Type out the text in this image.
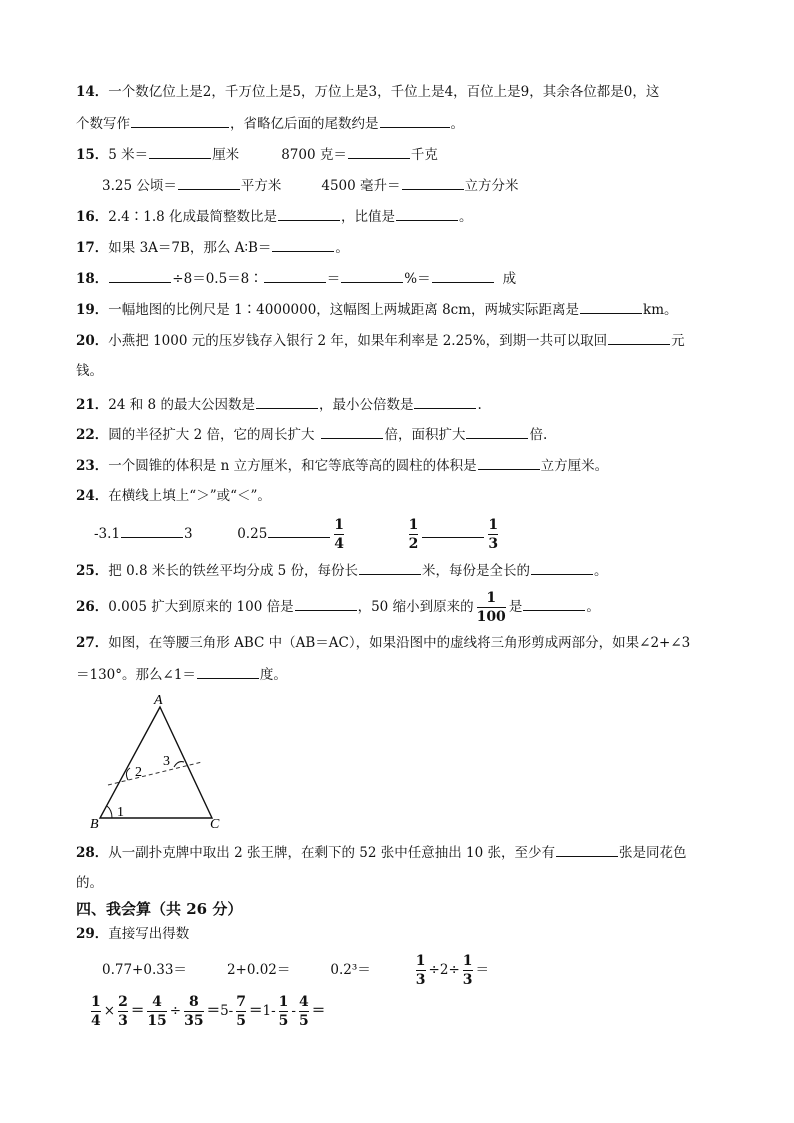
14．一个数亿位上是2，千万位上是5，万位上是3，千位上是4，百位上是9，其余各位都是0，这
个数写作	，省略亿后面的尾数约是	。
15．5 米＝	厘米	8700 克＝	千克
3.25 公顷＝	平方米	4500 毫升＝	立方分米
16．2.4∶1.8 化成最简整数比是	，比值是	。
17．如果 3A＝7B，那么 A∶B＝	。
18．	÷8＝0.5＝8∶	＝	%＝	成
19．一幅地图的比例尺是 1∶4000000，这幅图上两城距离 8cm，两城实际距离是	km。
20．小燕把 1000 元的压岁钱存入银行 2 年，如果年利率是 2.25%，到期一共可以取回	元
钱。
21．24 和 8 的最大公因数是	，最小公倍数是	.
22．圆的半径扩大 2 倍，它的周长扩大	倍，面积扩大	倍.
23．一个圆锥的体积是 n 立方厘米，和它等底等高的圆柱的体积是	立方厘米。
24．在横线上填上“＞”或“＜”。
-3.1	3	0.25	$\frac{1}{4}$
	$\frac{1}{2}$	$\frac{1}{3}$
25．把 0.8 米长的铁丝平均分成 5 份，每份长	米，每份是全长的	。
26．0.005 扩大到原来的 100 倍是	，50 缩小到原来的 $\frac{1}{100}$ 是	。
27．如图，在等腰三角形 ABC 中（AB＝AC），如果沿图中的虚线将三角形剪成两部分，如果∠2+∠3
＝130°。那么∠1＝	度。
A
B	C
1
2
3
28．从一副扑克牌中取出 2 张王牌，在剩下的 52 张中任意抽出 10 张，至少有	张是同花色
的。
四、我会算（共 26 分）
29．直接写出得数
0.77+0.33＝	2+0.02＝	0.2³＝	$\frac{1}{3} \div 2\div \frac{1}{3}$ ＝
$\frac{1}{4} \times \frac{2}{3} = \frac{4}{15} \div \frac{8}{35} =5- \frac{7}{5} =1- \frac{1}{5} - \frac{4}{5}$ ＝
